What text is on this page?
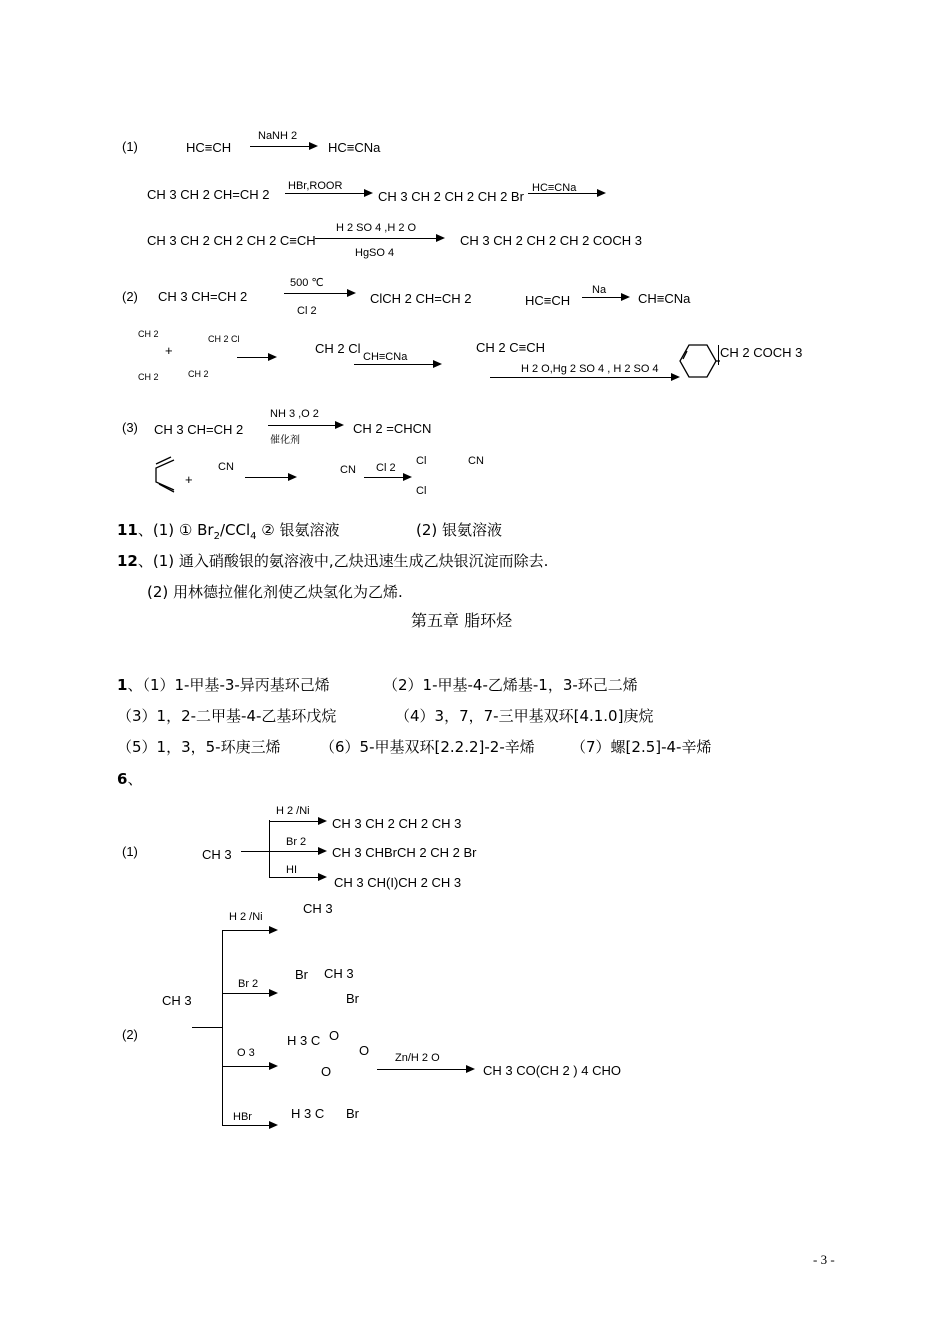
(1)	HC≡CH
NaNH 2
HC≡CNa
CH 3 CH 2 CH=CH 2
HBr,ROOR
CH 3 CH 2 CH 2 CH 2 Br
HC≡CNa
CH 3 CH 2 CH 2 CH 2 C≡CH
H 2 SO 4 ,H 2 O
HgSO 4
CH 3 CH 2 CH 2 CH 2 COCH 3
(2) CH 3 CH=CH 2
500 ℃
Cl 2
ClCH 2 CH=CH 2	HC≡CH
Na
→ CH≡CNa
CH 2
+
CH 2 Cl
CH 2	CH 2
CH 2 Cl
CH≡CNa
CH 2 C≡CH
H 2 O,Hg 2 SO 4 , H 2 SO 4
CH 2 COCH 3
(3) CH 3 CH=CH 2
NH 3 ,O 2
催化剂
CH 2 =CHCN
+
CN	CN Cl 2
Cl
Cl
CN
11、(1) ① $Br_2/CCl_4$ ② 银氨溶液	(2) 银氨溶液
12、(1) 通入硝酸银的氨溶液中,乙炔迅速生成乙炔银沉淀而除去.
(2) 用林德拉催化剂使乙炔氢化为乙烯.
第五章 脂环烃
1、（1）1-甲基-3-异丙基环己烯	（2）1-甲基-4-乙烯基-1，3-环己二烯
（3）1，2-二甲基-4-乙基环戊烷	（4）3，7，7-三甲基双环[4.1.0]庚烷
（5）1，3，5-环庚三烯	（6）5-甲基双环[2.2.2]-2-辛烯 （7）螺[2.5]-4-辛烯
6、
(1)	CH 3
H 2 /Ni
→ CH 3 CH 2 CH 2 CH 3
Br 2
→ CH 3 CHBrCH 2 CH 2 Br
HI
→ CH 3 CH(I)CH 2 CH 3
CH 3
H 2 /Ni
Br CH 3
Br 2
Br
CH 3
(2)	O
H 3 C
O
O 3
O
Zn/H 2 O
CH 3 CO(CH 2 ) 4 CHO
HBr	H 3 C Br
- 3 -
